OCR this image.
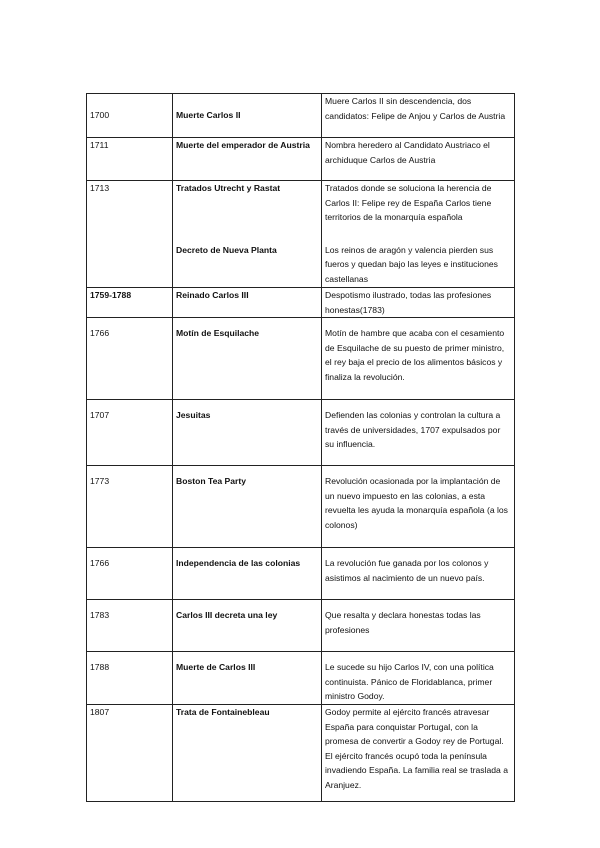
1700	Muerte Carlos II	Muere Carlos II sin descendencia, dos candidatos: Felipe de Anjou y Carlos de Austria
1711	Muerte del emperador de Austria	Nombra heredero al Candidato Austriaco el archiduque Carlos de Austria
1713	Tratados Utrecht y Rastat	Tratados donde se soluciona la herencia de Carlos II: Felipe rey de España Carlos tiene territorios de la monarquía española
	Decreto de Nueva Planta	Los reinos de aragón y valencia pierden sus fueros y quedan bajo las leyes e instituciones castellanas
1759-1788	Reinado Carlos III	Despotismo ilustrado, todas las profesiones honestas(1783)
1766	Motín de Esquilache	Motín de hambre que acaba con el cesamiento de Esquilache de su puesto de primer ministro, el rey baja el precio de los alimentos básicos y finaliza la revolución.
1707	Jesuitas	Defienden las colonias y controlan la cultura a través de universidades, 1707 expulsados por su influencia.
1773	Boston Tea Party	Revolución ocasionada por la implantación de un nuevo impuesto en las colonias, a esta revuelta les ayuda la monarquía española (a los colonos)
1766	Independencia de las colonias	La revolución fue ganada por los colonos y asistimos al nacimiento de un nuevo país.
1783	Carlos III decreta una ley	Que resalta y declara honestas todas las profesiones
1788	Muerte de Carlos III	Le sucede su hijo Carlos IV, con una política continuista. Pánico de Floridablanca, primer ministro Godoy.
1807	Trata de Fontainebleau	Godoy permite al ejército francés atravesar España para conquistar Portugal, con la promesa de convertir a Godoy rey de Portugal. El ejército francés ocupó toda la península invadiendo España. La familia real se traslada a Aranjuez.
